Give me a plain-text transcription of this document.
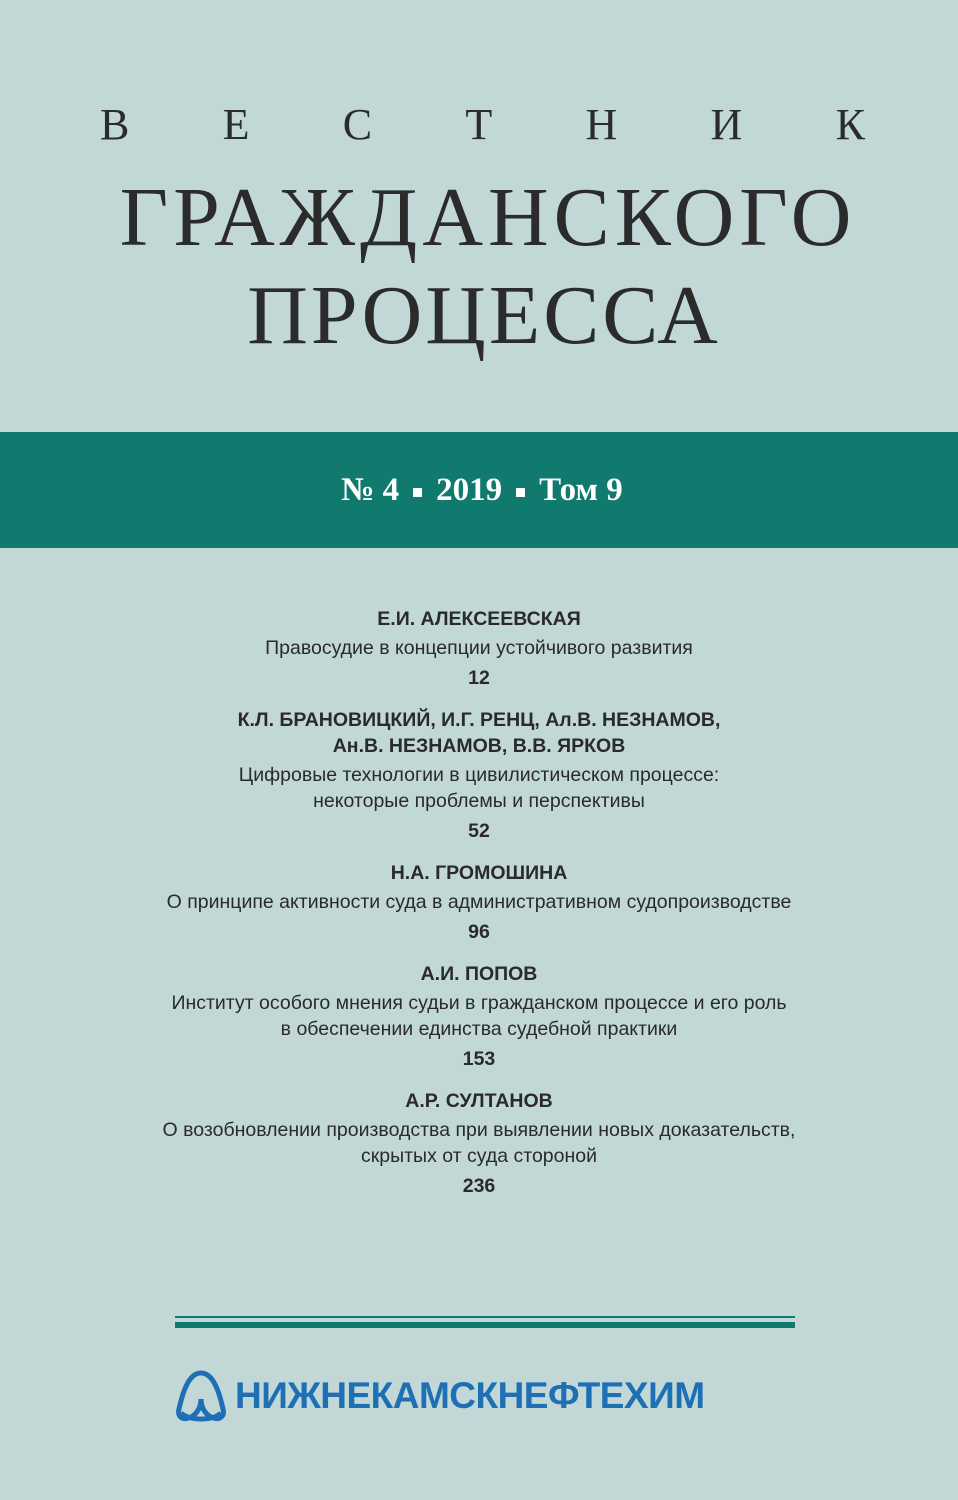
В Е С Т Н И К
ГРАЖДАНСКОГО
ПРОЦЕССА
№ 4 2019 Том 9
Е.И. АЛЕКСЕЕВСКАЯ
Правосудие в концепции устойчивого развития
12
К.Л. БРАНОВИЦКИЙ, И.Г. РЕНЦ, Ал.В. НЕЗНАМОВ,
Ан.В. НЕЗНАМОВ, В.В. ЯРКОВ
Цифровые технологии в цивилистическом процессе:
некоторые проблемы и перспективы
52
Н.А. ГРОМОШИНА
О принципе активности суда в административном судопроизводстве
96
А.И. ПОПОВ
Институт особого мнения судьи в гражданском процессе и его роль
в обеспечении единства судебной практики
153
А.Р. СУЛТАНОВ
О возобновлении производства при выявлении новых доказательств,
скрытых от суда стороной
236
НИЖНЕКАМСКНЕФТЕХИМ
